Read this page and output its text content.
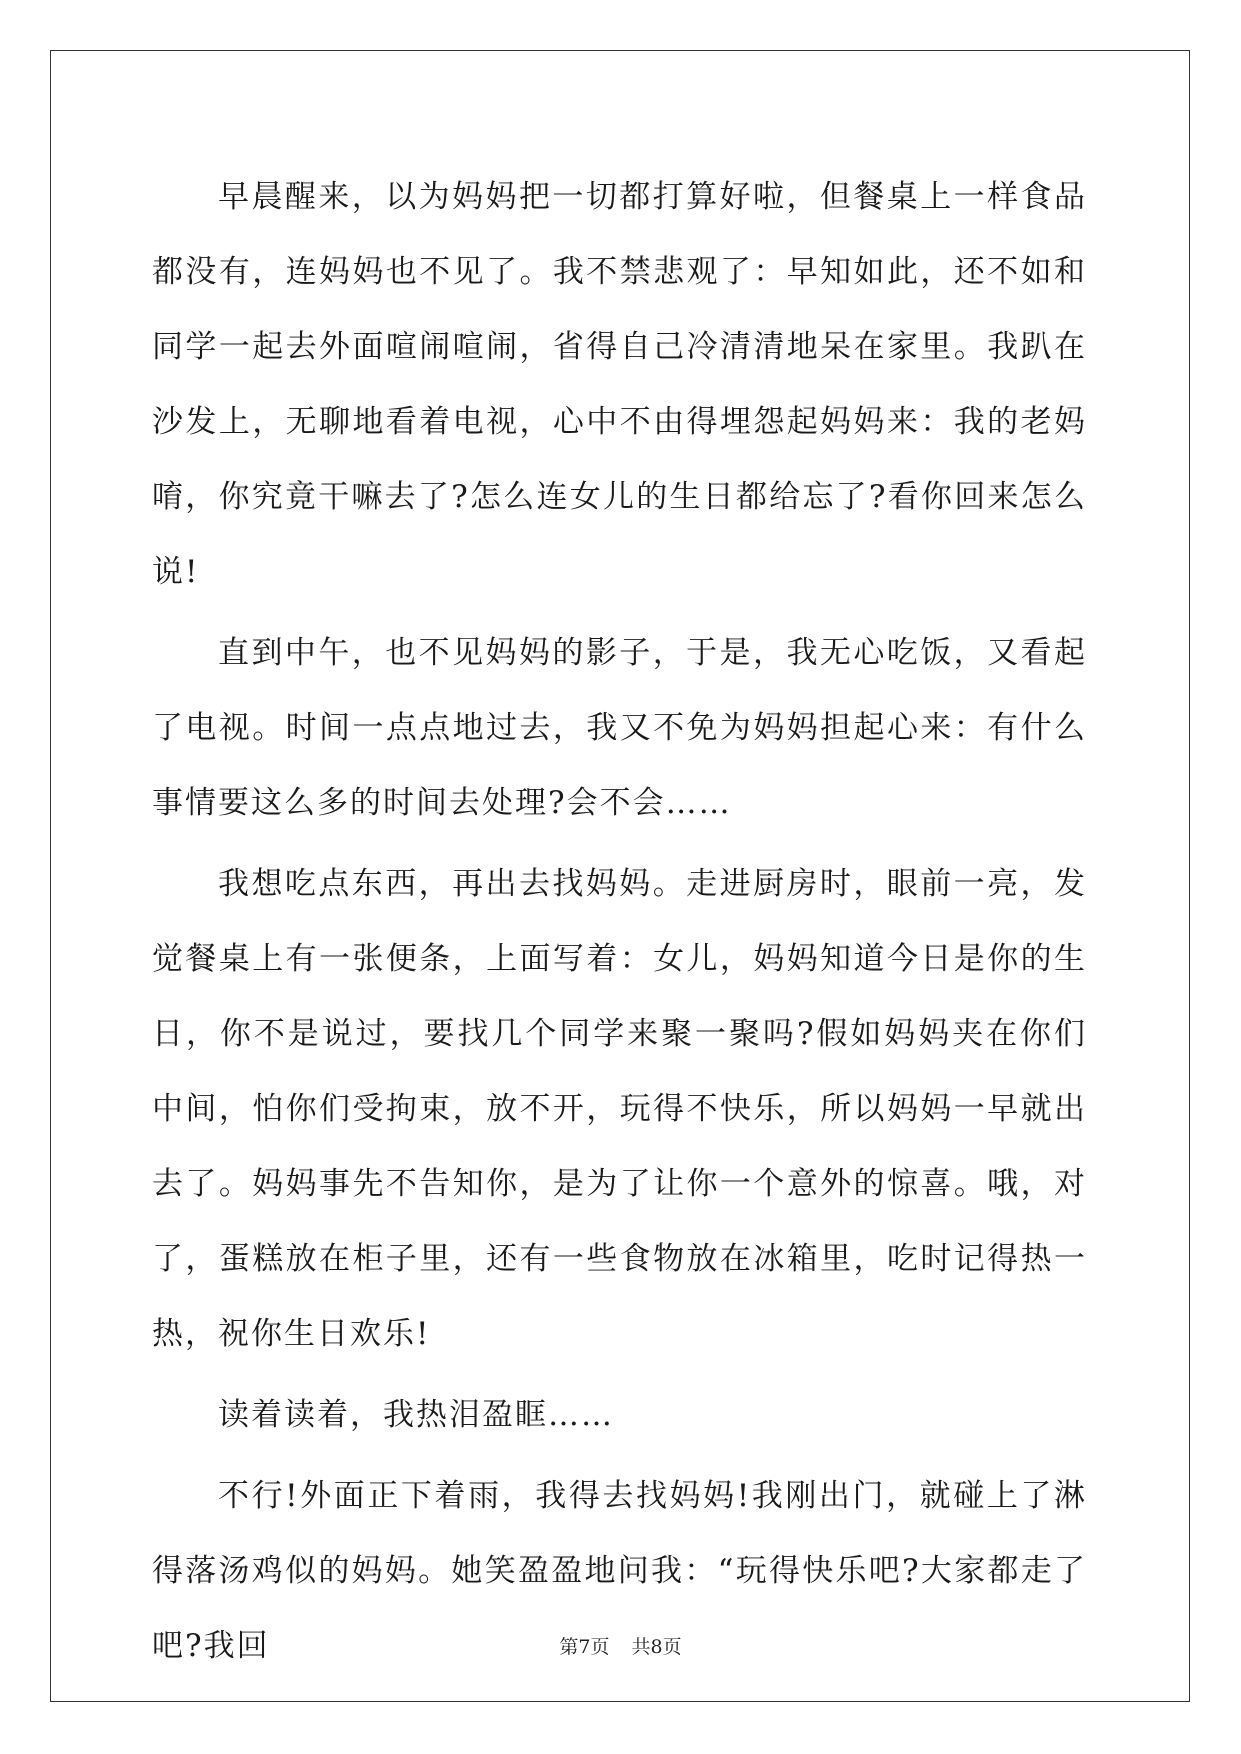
早晨醒来，以为妈妈把一切都打算好啦，但餐桌上一样食品都没有，连妈妈也不见了。我不禁悲观了：早知如此，还不如和同学一起去外面喧闹喧闹，省得自己冷清清地呆在家里。我趴在沙发上，无聊地看着电视，心中不由得埋怨起妈妈来：我的老妈唷，你究竟干嘛去了?怎么连女儿的生日都给忘了?看你回来怎么说!

直到中午，也不见妈妈的影子，于是，我无心吃饭，又看起了电视。时间一点点地过去，我又不免为妈妈担起心来：有什么事情要这么多的时间去处理?会不会……

我想吃点东西，再出去找妈妈。走进厨房时，眼前一亮，发觉餐桌上有一张便条，上面写着：女儿，妈妈知道今日是你的生日，你不是说过，要找几个同学来聚一聚吗?假如妈妈夹在你们中间，怕你们受拘束，放不开，玩得不快乐，所以妈妈一早就出去了。妈妈事先不告知你，是为了让你一个意外的惊喜。哦，对了，蛋糕放在柜子里，还有一些食物放在冰箱里，吃时记得热一热，祝你生日欢乐!

读着读着，我热泪盈眶……

不行!外面正下着雨，我得去找妈妈!我刚出门，就碰上了淋得落汤鸡似的妈妈。她笑盈盈地问我：“玩得快乐吧?大家都走了吧?我回	第7页 共8页
